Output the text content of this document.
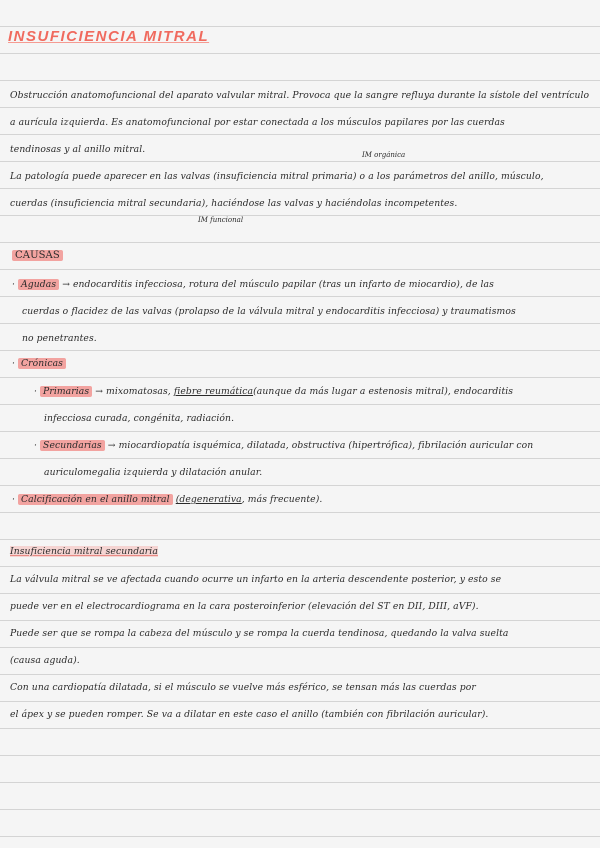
INSUFICIENCIA MITRAL
Obstrucción anatomofuncional del aparato valvular mitral. Provoca que la sangre refluya durante la sístole del ventrículo
a aurícula izquierda. Es anatomofuncional por estar conectada a los músculos papilares por las cuerdas
tendinosas y al anillo mitral.	IM orgánica
La patología puede aparecer en las valvas (insuficiencia mitral primaria) o a los parámetros del anillo, músculo,
cuerdas (insuficiencia mitral secundaria), haciéndose las valvas y haciéndolas incompetentes.
IM funcional
CAUSAS
· Agudas → endocarditis infecciosa, rotura del músculo papilar (tras un infarto de miocardio), de las
cuerdas o flacidez de las valvas (prolapso de la válvula mitral y endocarditis infecciosa) y traumatismos
no penetrantes.
· Crónicas
· Primarias → mixomatosas, fiebre reumática(aunque da más lugar a estenosis mitral), endocarditis
infecciosa curada, congénita, radiación.
· Secundarias → miocardiopatía isquémica, dilatada, obstructiva (hipertrófica), fibrilación auricular con
auriculomegalia izquierda y dilatación anular.
· Calcificación en el anillo mitral (degenerativa, más frecuente).
Insuficiencia mitral secundaria
La válvula mitral se ve afectada cuando ocurre un infarto en la arteria descendente posterior, y esto se
puede ver en el electrocardiograma en la cara posteroinferior (elevación del ST en DII, DIII, aVF).
Puede ser que se rompa la cabeza del músculo y se rompa la cuerda tendinosa, quedando la valva suelta
(causa aguda).
Con una cardiopatía dilatada, si el músculo se vuelve más esférico, se tensan más las cuerdas por
el ápex y se pueden romper. Se va a dilatar en este caso el anillo (también con fibrilación auricular).
